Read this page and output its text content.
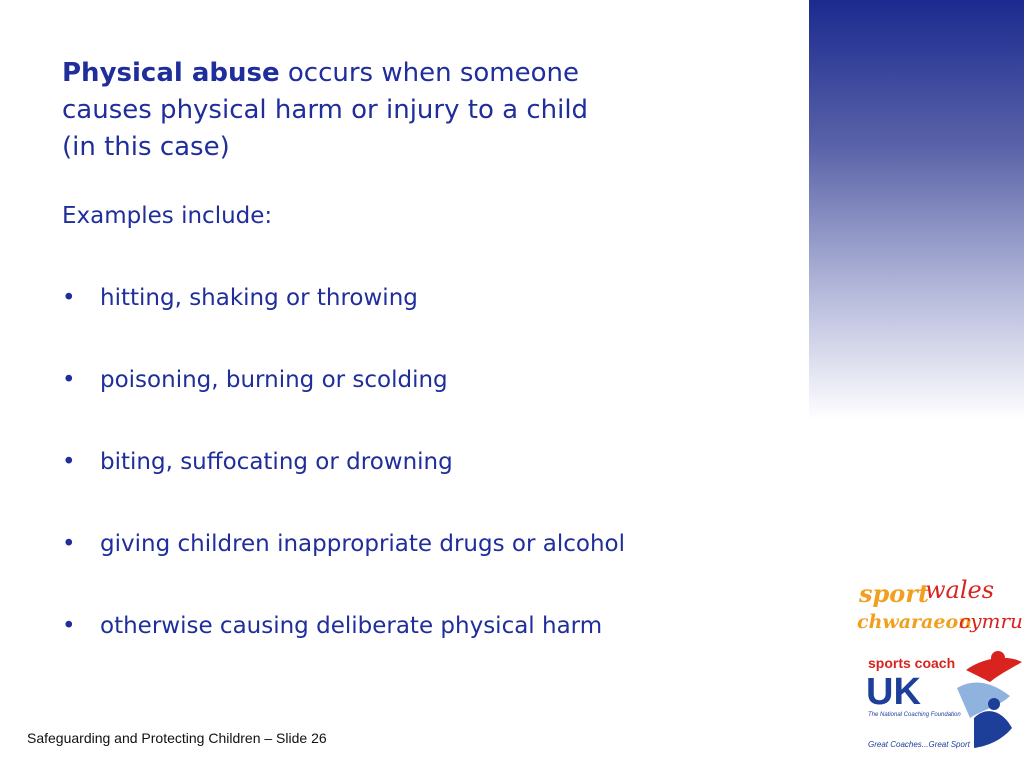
Physical abuse occurs when someone
causes physical harm or injury to a child
(in this case)
Examples include:
•	hitting, shaking or throwing
•	poisoning, burning or scolding
•	biting, suffocating or drowning
•	giving children inappropriate drugs or alcohol
•	otherwise causing deliberate physical harm
Safeguarding and Protecting Children – Slide 26
sport
wales
chwaraeon
cymru
sports coach
UK
The National Coaching Foundation
Great Coaches...Great Sport
